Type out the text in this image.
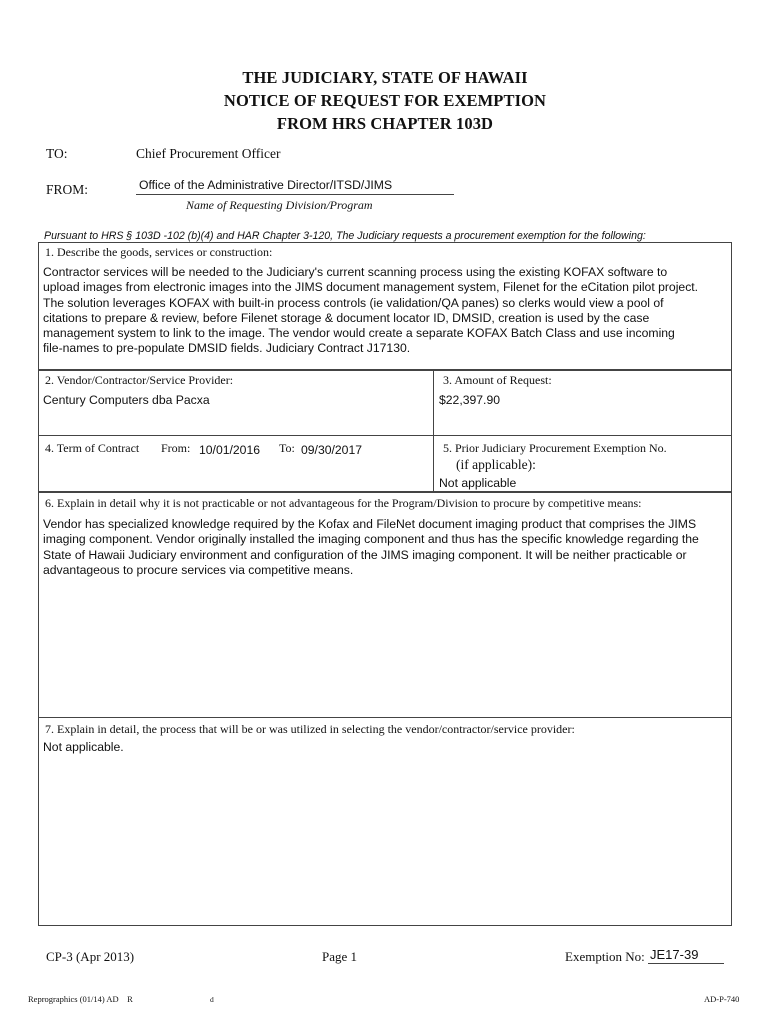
THE JUDICIARY, STATE OF HAWAII
NOTICE OF REQUEST FOR EXEMPTION
FROM HRS CHAPTER 103D
TO:	Chief Procurement Officer
FROM:	Office of the Administrative Director/ITSD/JIMS
Name of Requesting Division/Program
Pursuant to HRS § 103D -102 (b)(4) and HAR Chapter 3-120, The Judiciary requests a procurement exemption for the following:
1. Describe the goods, services or construction:
Contractor services will be needed to the Judiciary's current scanning process using the existing KOFAX software to
upload images from electronic images into the JIMS document management system, Filenet for the eCitation pilot project.
The solution leverages KOFAX with built-in process controls (ie validation/QA panes) so clerks would view a pool of
citations to prepare & review, before Filenet storage & document locator ID, DMSID, creation is used by the case
management system to link to the image. The vendor would create a separate KOFAX Batch Class and use incoming
file-names to pre-populate DMSID fields. Judiciary Contract J17130.
2. Vendor/Contractor/Service Provider:
Century Computers dba Pacxa
3. Amount of Request:
$22,397.90
4. Term of Contract From: 10/01/2016 To: 09/30/2017	5. Prior Judiciary Procurement Exemption No.
(if applicable):
Not applicable
6. Explain in detail why it is not practicable or not advantageous for the Program/Division to procure by competitive means:
Vendor has specialized knowledge required by the Kofax and FileNet document imaging product that comprises the JIMS
imaging component. Vendor originally installed the imaging component and thus has the specific knowledge regarding the
State of Hawaii Judiciary environment and configuration of the JIMS imaging component. It will be neither practicable or
advantageous to procure services via competitive means.
7. Explain in detail, the process that will be or was utilized in selecting the vendor/contractor/service provider:
Not applicable.
CP-3 (Apr 2013)	Page 1	Exemption No: JE17-39
Reprographics (01/14) AD    R	d	AD-P-740
